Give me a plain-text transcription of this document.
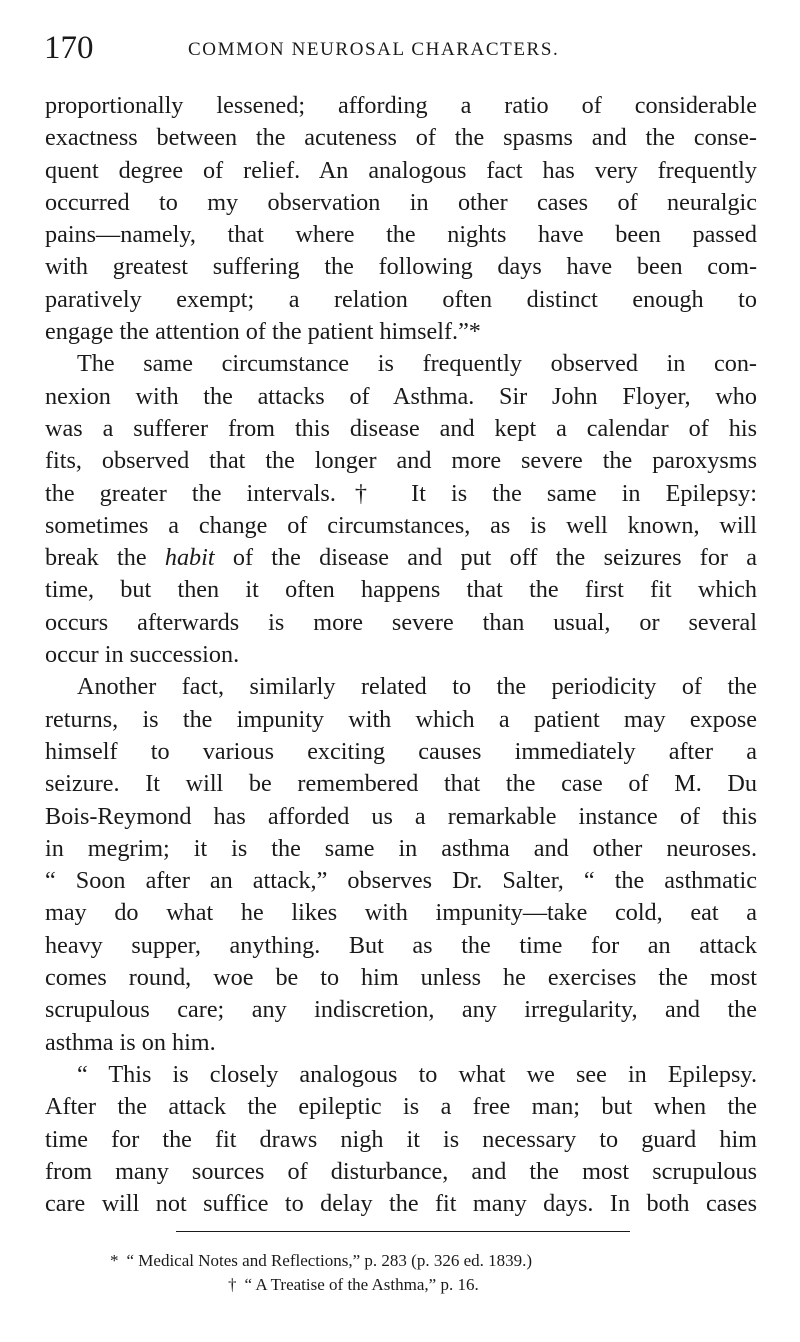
170	COMMON NEUROSAL CHARACTERS.
proportionally lessened; affording a ratio of considerable
exactness between the acuteness of the spasms and the conse-
quent degree of relief. An analogous fact has very frequently
occurred to my observation in other cases of neuralgic
pains—namely, that where the nights have been passed
with greatest suffering the following days have been com-
paratively exempt; a relation often distinct enough to
engage the attention of the patient himself.”*
The same circumstance is frequently observed in con-
nexion with the attacks of Asthma. Sir John Floyer, who
was a sufferer from this disease and kept a calendar of his
fits, observed that the longer and more severe the paroxysms
the greater the intervals.† It is the same in Epilepsy:
sometimes a change of circumstances, as is well known, will
break the habit of the disease and put off the seizures for a
time, but then it often happens that the first fit which
occurs afterwards is more severe than usual, or several
occur in succession.
Another fact, similarly related to the periodicity of the
returns, is the impunity with which a patient may expose
himself to various exciting causes immediately after a
seizure. It will be remembered that the case of M. Du
Bois-Reymond has afforded us a remarkable instance of this
in megrim; it is the same in asthma and other neuroses.
“ Soon after an attack,” observes Dr. Salter, “ the asthmatic
may do what he likes with impunity—take cold, eat a
heavy supper, anything. But as the time for an attack
comes round, woe be to him unless he exercises the most
scrupulous care; any indiscretion, any irregularity, and the
asthma is on him.
“ This is closely analogous to what we see in Epilepsy.
After the attack the epileptic is a free man; but when the
time for the fit draws nigh it is necessary to guard him
from many sources of disturbance, and the most scrupulous
care will not suffice to delay the fit many days. In both cases
* “ Medical Notes and Reflections,” p. 283 (p. 326 ed. 1839.)
† “ A Treatise of the Asthma,” p. 16.
